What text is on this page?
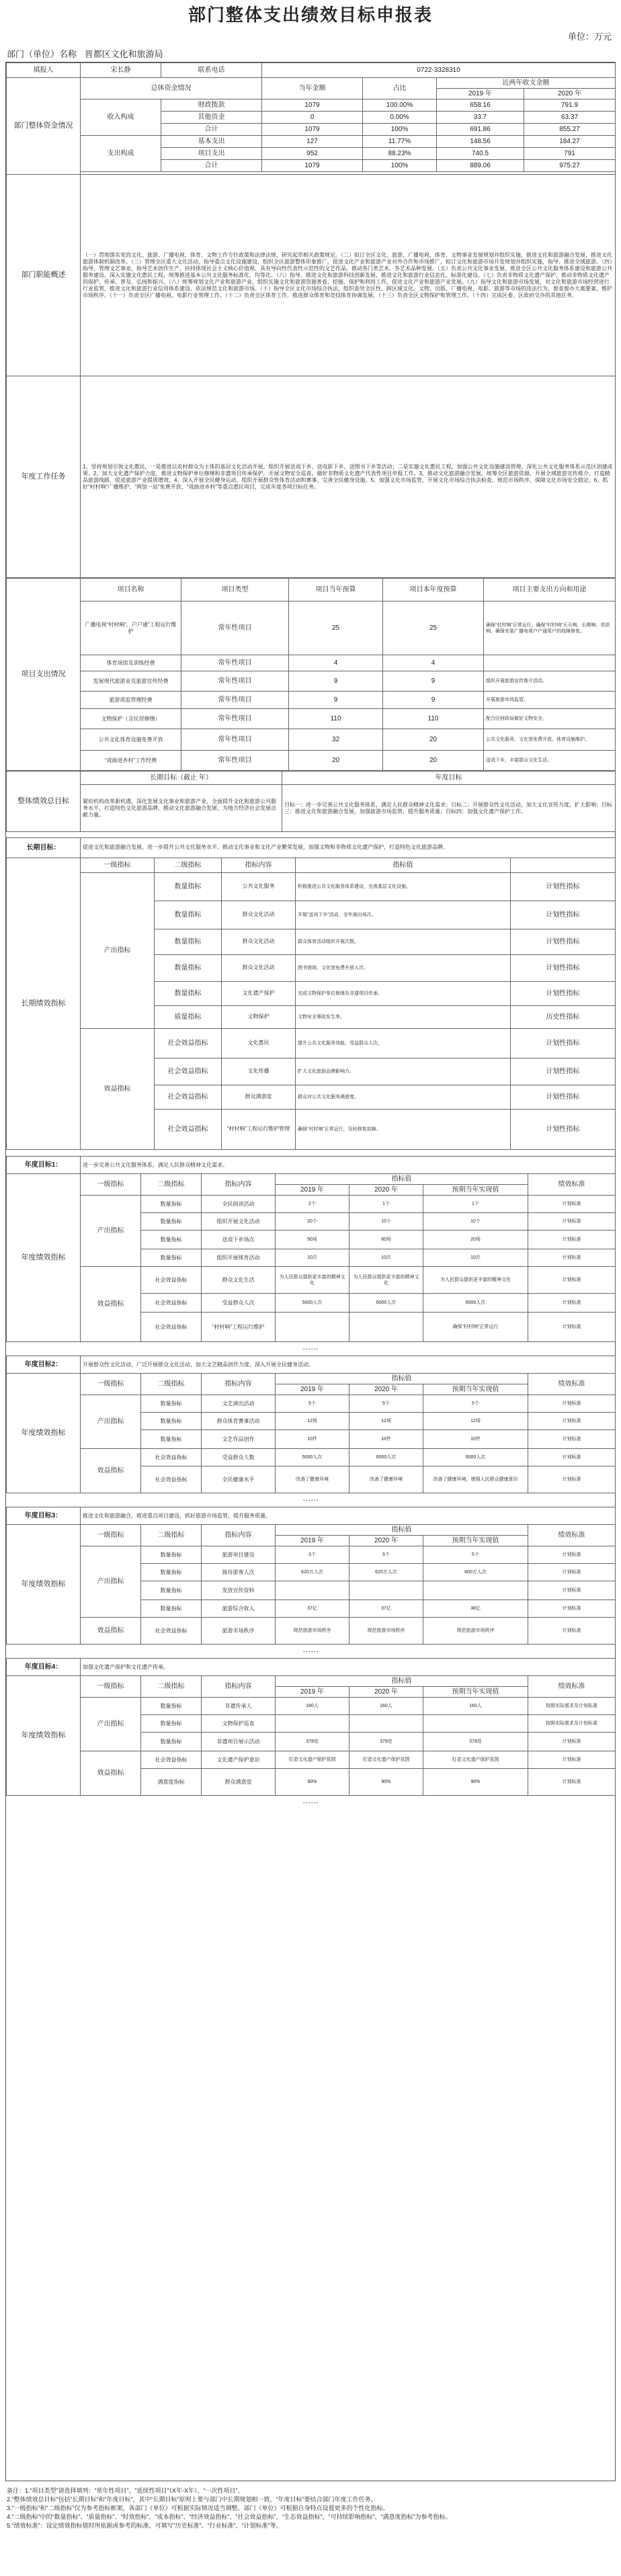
部门整体支出绩效目标申报表
单位：万元
部门（单位）名称 晋都区文化和旅游局
填报人	宋长静	联系电话	0722-3328310			
部门整体资金情况	总体资金情况		当年金额	占比	近两年收支金额	
					2019 年	2020 年
	收入构成	财政拨款	1079	100.00%	658.16	791.9
		其他资金	0	0.00%	33.7	63.37
		合计	1079	100%	691.86	855.27
	支出构成	基本支出	127	11.77%	148.56	184.27
		项目支出	952	88.23%	740.5	791
		合计	1079	100%	889.06	975.27

部门职能概述	（一）贯彻落实党的文化、旅游、广播电视、体育、文物工作方针政策和法律法规，研究起草相关政策规定。（二）拟订全区文化、旅游、广播电视、体育、文物事业发展规划并组织实施，推进文化和旅游融合发展，推进文化旅游体制机制改革。（三）管理全区重大文化活动，指导重点文化设施建设，组织全区旅游整体形象推广，促进文化产业和旅游产业对外合作和市场推广，拟订文化和旅游市场开发规划并组织实施，指导、推进全域旅游。（四）指导、管理文艺事业，指导艺术创作生产，扶持体现社会主义核心价值观、具有导向性代表性示范性的文艺作品，推动各门类艺术、各艺术品种发展。（五）负责公共文化事业发展，推进全区公共文化服务体系建设和旅游公共服务建设，深入实施文化惠民工程，统筹推进基本公共文化服务标准化、均等化。（六）指导、推进文化和旅游科技创新发展，推进文化和旅游行业信息化、标准化建设。（七）负责非物质文化遗产保护，推动非物质文化遗产的保护、传承、普及、弘扬和振兴。（八）统筹规划文化产业和旅游产业，组织实施文化和旅游资源普查、挖掘、保护和利用工作，促进文化产业和旅游产业发展。（九）指导文化和旅游市场发展，对文化和旅游市场经营进行行业监管，推进文化和旅游行业信用体系建设，依法规范文化和旅游市场。（十）指导全区文化市场综合执法，组织查处全区性、跨区域文化、文物、出版、广播电视、电影、旅游等市场的违法行为，督查督办大案要案，维护市场秩序。（十一）负责全区广播电视、电影行业管理工作。（十二）负责全区体育工作，推进群众体育和竞技体育协调发展。（十三）负责全区文物保护和管理工作。（十四）完成区委、区政府交办的其他任务。					
年度工作任务	1、坚持规划引领文化惠民，一是推进以农村群众为主体的基层文化活动开展，组织开展送戏下乡、送电影下乡、送图书下乡等活动；二是实施文化惠民工程，加强公共文化设施建设管理，深化公共文化服务体系示范区创建成果。2、加大文化遗产保护力度，推进文物保护单位修缮和非遗项目传承保护，开展文物安全巡查，做好非物质文化遗产代表性项目申报工作。3、推动文化旅游融合发展，统筹全区旅游资源，开展全域旅游宣传推介，打造精品旅游线路，促进旅游产业提质增效。4、深入开展全民健身运动，组织开展群众性体育活动和赛事，完善全民健身设施。5、加强文化市场监管，开展文化市场综合执法检查，规范市场秩序，保障文化市场安全稳定。6、抓好“村村响”广播维护、“两馆一站”免费开放、“戏曲进乡村”等重点惠民项目，完成年度各项目标任务。					
项目支出情况	项目名称	项目类型	项目当年预算	项目本年度预算	项目主要支出方向和用途
	广播电视“村村响”、户户通”工程运行维护	常年性项目	25	25	确保“村村响”正常运行，确保“村村响”天天响、长期响、优质响，确保安装广播电视户户通用户的故障修复。
	体育场馆及训练经费	常年性项目	4	4	
	发展现代旅游业及旅游宣传经费	常年性项目	9	9	组织开展旅游宣传推介活动。
	旅游质监管理经费	常年性项目	9	9	开展旅游市场监管。
	文物保护（含民居修缮）	常年性项目	110	110	配合区财政局做好文物安全。
	公共文化体育设施免费开放	常年性项目	32	20	公共文化服务，文化馆免费开放，体育设施维护。
	“戏曲进乡村”工作经费	常年性项目	20	20	送戏下乡，丰富群众文化生活。
整体绩效总目标	长期目标（截止 年）	年度目标
	紧扣机构改革新机遇，深化发展文化事业和旅游产业，全面提升文化和旅游公共服务水平，打造特色文化旅游品牌，推动文化旅游融合发展，为地方经济社会发展贡献力量。	目标一：进一步完善公共文化服务体系，满足人民群众精神文化需求；目标二：开展群众性文化活动，加大文化宣传力度，扩大影响；目标三：推进文化和旅游融合发展，加强旅游市场监管，提升服务质量；目标四：加强文化遗产保护工作。

长期目标：	促进文化和旅游融合发展，进一步提升公共文化服务水平，推动文化事业和文化产业繁荣发展，加强文物和非物质文化遗产保护，打造特色文化旅游品牌。				
长期绩效指标	一级指标	二级指标	指标内容	指标值	
	产出指标	数量指标	公共文化服务	积极推进公共文化服务体系建设，完善基层文化设施。	计划性指标
		数量指标	群众文化活动	开展“送戏下乡”活动，全年演出场次。	计划性指标
		数量指标	群众文化活动	群众体育活动组织开展次数。	计划性指标
		数量指标	群众文化活动	图书借阅，文化馆免费开放人次。	计划性指标
		数量指标	文化遗产保护	完成文物保护单位修缮及非遗项目传承。	计划性指标
		质量指标	文物保护	文物安全事故发生率。	历史性指标
	效益指标	社会效益指标	文化惠民	提升公共文化服务效能，受益群众人次。	计划性指标
		社会效益指标	文化传播	扩大文化旅游品牌影响力。	计划性指标
		社会效益指标	群众满意度	群众对公共文化服务满意度。	计划性指标
		社会效益指标	“村村响”工程运行维护管理	确保“村村响”正常运行，及时修复故障。	计划性指标

年度目标1：	进一步完善公共文化服务体系，满足人民群众精神文化需求。						
年度绩效指标	一级指标	二级指标	指标内容	指标值			绩效标准
				2019 年	2020 年	预期当年实现值	
	产出指标	数量指标	全民阅读活动	2个	1个	1个	计划标准
		数量指标	组织开展文化活动	20个	10个	10个	计划标准
		数量指标	送戏下乡场次	50场	60场	20场	计划标准
		数量指标	组织开展体育活动	10次	10次	10次	计划标准
	效益指标	社会效益指标	群众文化生活	为人民群众提供更丰富的精神文化	为人民群众提供更丰富的精神文化	为人民群众提供更丰富的精神文化	计划标准
		社会效益指标	受益群众人次	5000人次	6000人次	6000人次	计划标准
		社会效益指标	“村村响”工程运行维护			确保“村村响”正常运行	计划标准
……
年度目标2：	开展群众性文化活动，广泛开展群众文化活动，加大文艺精品创作力度，深入开展全民健身活动。						
年度绩效指标	一级指标	二级指标	指标内容	指标值			绩效标准
				2019 年	2020 年	预期当年实现值	
	产出指标	数量指标	文艺演出活动	5个	5个	5个	计划标准
		数量指标	群众体育赛事活动	12场	12场	12场	计划标准
		数量指标	文艺作品创作	10件	10件	10件	计划标准
	效益指标	社会效益指标	受益群众人数	5000人次	6000人次	6000人次	计划标准
		社会效益指标	全民健康水平	改善了健康环境	改善了健康环境	改善了健康环境，增强人民群众健康意识	计划标准
……
年度目标3：	推进文化和旅游融合，推进重点项目建设，抓好旅游市场监管，提升服务质量。						
年度绩效指标	一级指标	二级指标	指标内容	指标值			绩效标准
				2019 年	2020 年	预期当年实现值	
	产出指标	数量指标	旅游项目建设	3个	5个	5个	计划标准
		数量指标	接待游客人次	620万人次	620万人次	600万人次	计划标准
		数量指标	发放宣传资料				计划标准
		数量指标	旅游综合收入	37亿	37亿	38亿	计划标准
	效益指标	社会效益指标	旅游市场秩序	规范旅游市场秩序	规范旅游市场秩序	规范旅游市场秩序	计划标准
……
年度目标4：	加强文化遗产保护和文化遗产传承。						
年度绩效指标	一级指标	二级指标	指标内容	指标值			绩效标准
				2019 年	2020 年	预期当年实现值	
	产出指标	数量指标	非遗传承人	160人	160人	160人	按照实际需求及计划标准
		数量指标	文物保护巡查				按照实际需求及计划标准
		数量指标	非遗项目展示活动	378处	378处	378处	计划标准
	效益指标	社会效益指标	文化遗产保护意识	打造文化遗产保护氛围	打造文化遗产保护氛围	打造文化遗产保护氛围	计划标准
		满意度指标	群众满意度	90%	90%	90%	计划标准
……
备注：1.“项目类型”请选择填列：“常年性项目”、“延续性项目”（X年-X年）、“一次性项目”。
2.“整体绩效总目标”包括“长期目标”和“年度目标”，其中“长期目标”原则上要与部门中长期规划相一致，“年度目标”要结合部门年度工作任务。
3.“一级指标”和“二级指标”仅为参考指标框架，各部门（单位）可根据实际情况适当调整。部门（单位）可根据自身特点设置更多的个性化指标。
4.“二级指标”中的“数量指标”、“质量指标”、“时效指标”、“成本指标”、“经济效益指标”、“社会效益指标”、“生态效益指标”、“可持续影响指标”、“满意度指标”为参考指标。
5.“绩效标准”：设定绩效指标值时所依据或参考的标准，可填写“历史标准”、“行业标准”、“计划标准”等。
